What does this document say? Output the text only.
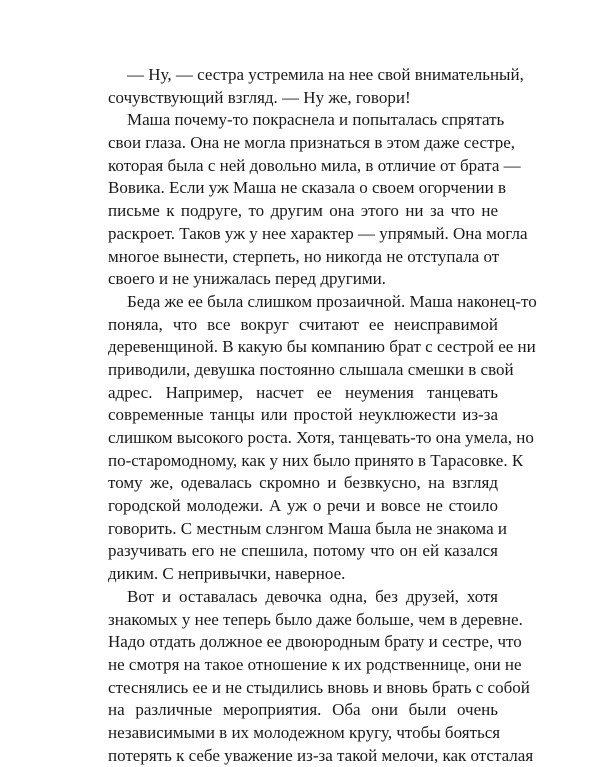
— Ну, — сестра устремила на нее свой внимательный,
сочувствующий взгляд. — Ну же, говори!
Маша почему-то покраснела и попыталась спрятать
свои глаза. Она не могла признаться в этом даже сестре,
которая была с ней довольно мила, в отличие от брата —
Вовика. Если уж Маша не сказала о своем огорчении в
письме к подруге, то другим она этого ни за что не
раскроет. Таков уж у нее характер — упрямый. Она могла
многое вынести, стерпеть, но никогда не отступала от
своего и не унижалась перед другими.
Беда же ее была слишком прозаичной. Маша наконец-то
поняла, что все вокруг считают ее неисправимой
деревенщиной. В какую бы компанию брат с сестрой ее ни
приводили, девушка постоянно слышала смешки в свой
адрес. Например, насчет ее неумения танцевать
современные танцы или простой неуклюжести из-за
слишком высокого роста. Хотя, танцевать-то она умела, но
по-старомодному, как у них было принято в Тарасовке. К
тому же, одевалась скромно и безвкусно, на взгляд
городской молодежи. А уж о речи и вовсе не стоило
говорить. С местным слэнгом Маша была не знакома и
разучивать его не спешила, потому что он ей казался
диким. С непривычки, наверное.
Вот и оставалась девочка одна, без друзей, хотя
знакомых у нее теперь было даже больше, чем в деревне.
Надо отдать должное ее двоюродным брату и сестре, что
не смотря на такое отношение к их родственнице, они не
стеснялись ее и не стыдились вновь и вновь брать с собой
на различные мероприятия. Оба они были очень
независимыми в их молодежном кругу, чтобы бояться
потерять к себе уважение из-за такой мелочи, как отсталая
